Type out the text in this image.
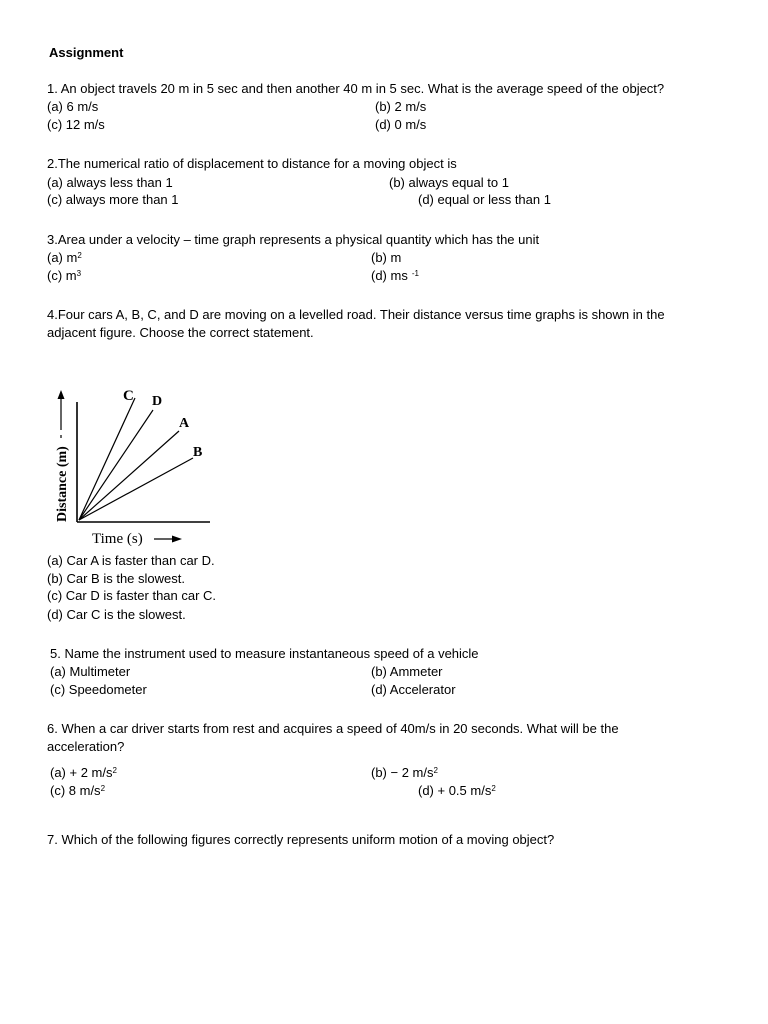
Assignment
1. An object travels 20 m in 5 sec and then another 40 m in 5 sec. What is the average speed of the object?
(a) 6 m/s	(b) 2 m/s
(c) 12 m/s	(d) 0 m/s
2.The numerical ratio of displacement to distance for a moving object is
(a) always less than 1	(b) always equal to 1
(c) always more than 1	(d) equal or less than 1
3.Area under a velocity – time graph represents a physical quantity which has the unit
(a) $m^2$	(b) m
(c) $m^3$	(d) ms $^{-1}$
4.Four cars A, B, C, and D are moving on a levelled road. Their distance versus time graphs is shown in the
adjacent figure. Choose the correct statement.
Distance (m)
C D
A
B
Time (s)
(a) Car A is faster than car D.
(b) Car B is the slowest.
(c) Car D is faster than car C.
(d) Car C is the slowest.
5. Name the instrument used to measure instantaneous speed of a vehicle
(a) Multimeter	(b) Ammeter
(c) Speedometer	(d) Accelerator
6. When a car driver starts from rest and acquires a speed of 40m/s in 20 seconds. What will be the
acceleration?
(a) + 2 $m/s^2$	(b) − 2 $m/s^2$
(c) 8 $m/s^2$	(d) + 0.5 $m/s^2$
7. Which of the following figures correctly represents uniform motion of a moving object?
